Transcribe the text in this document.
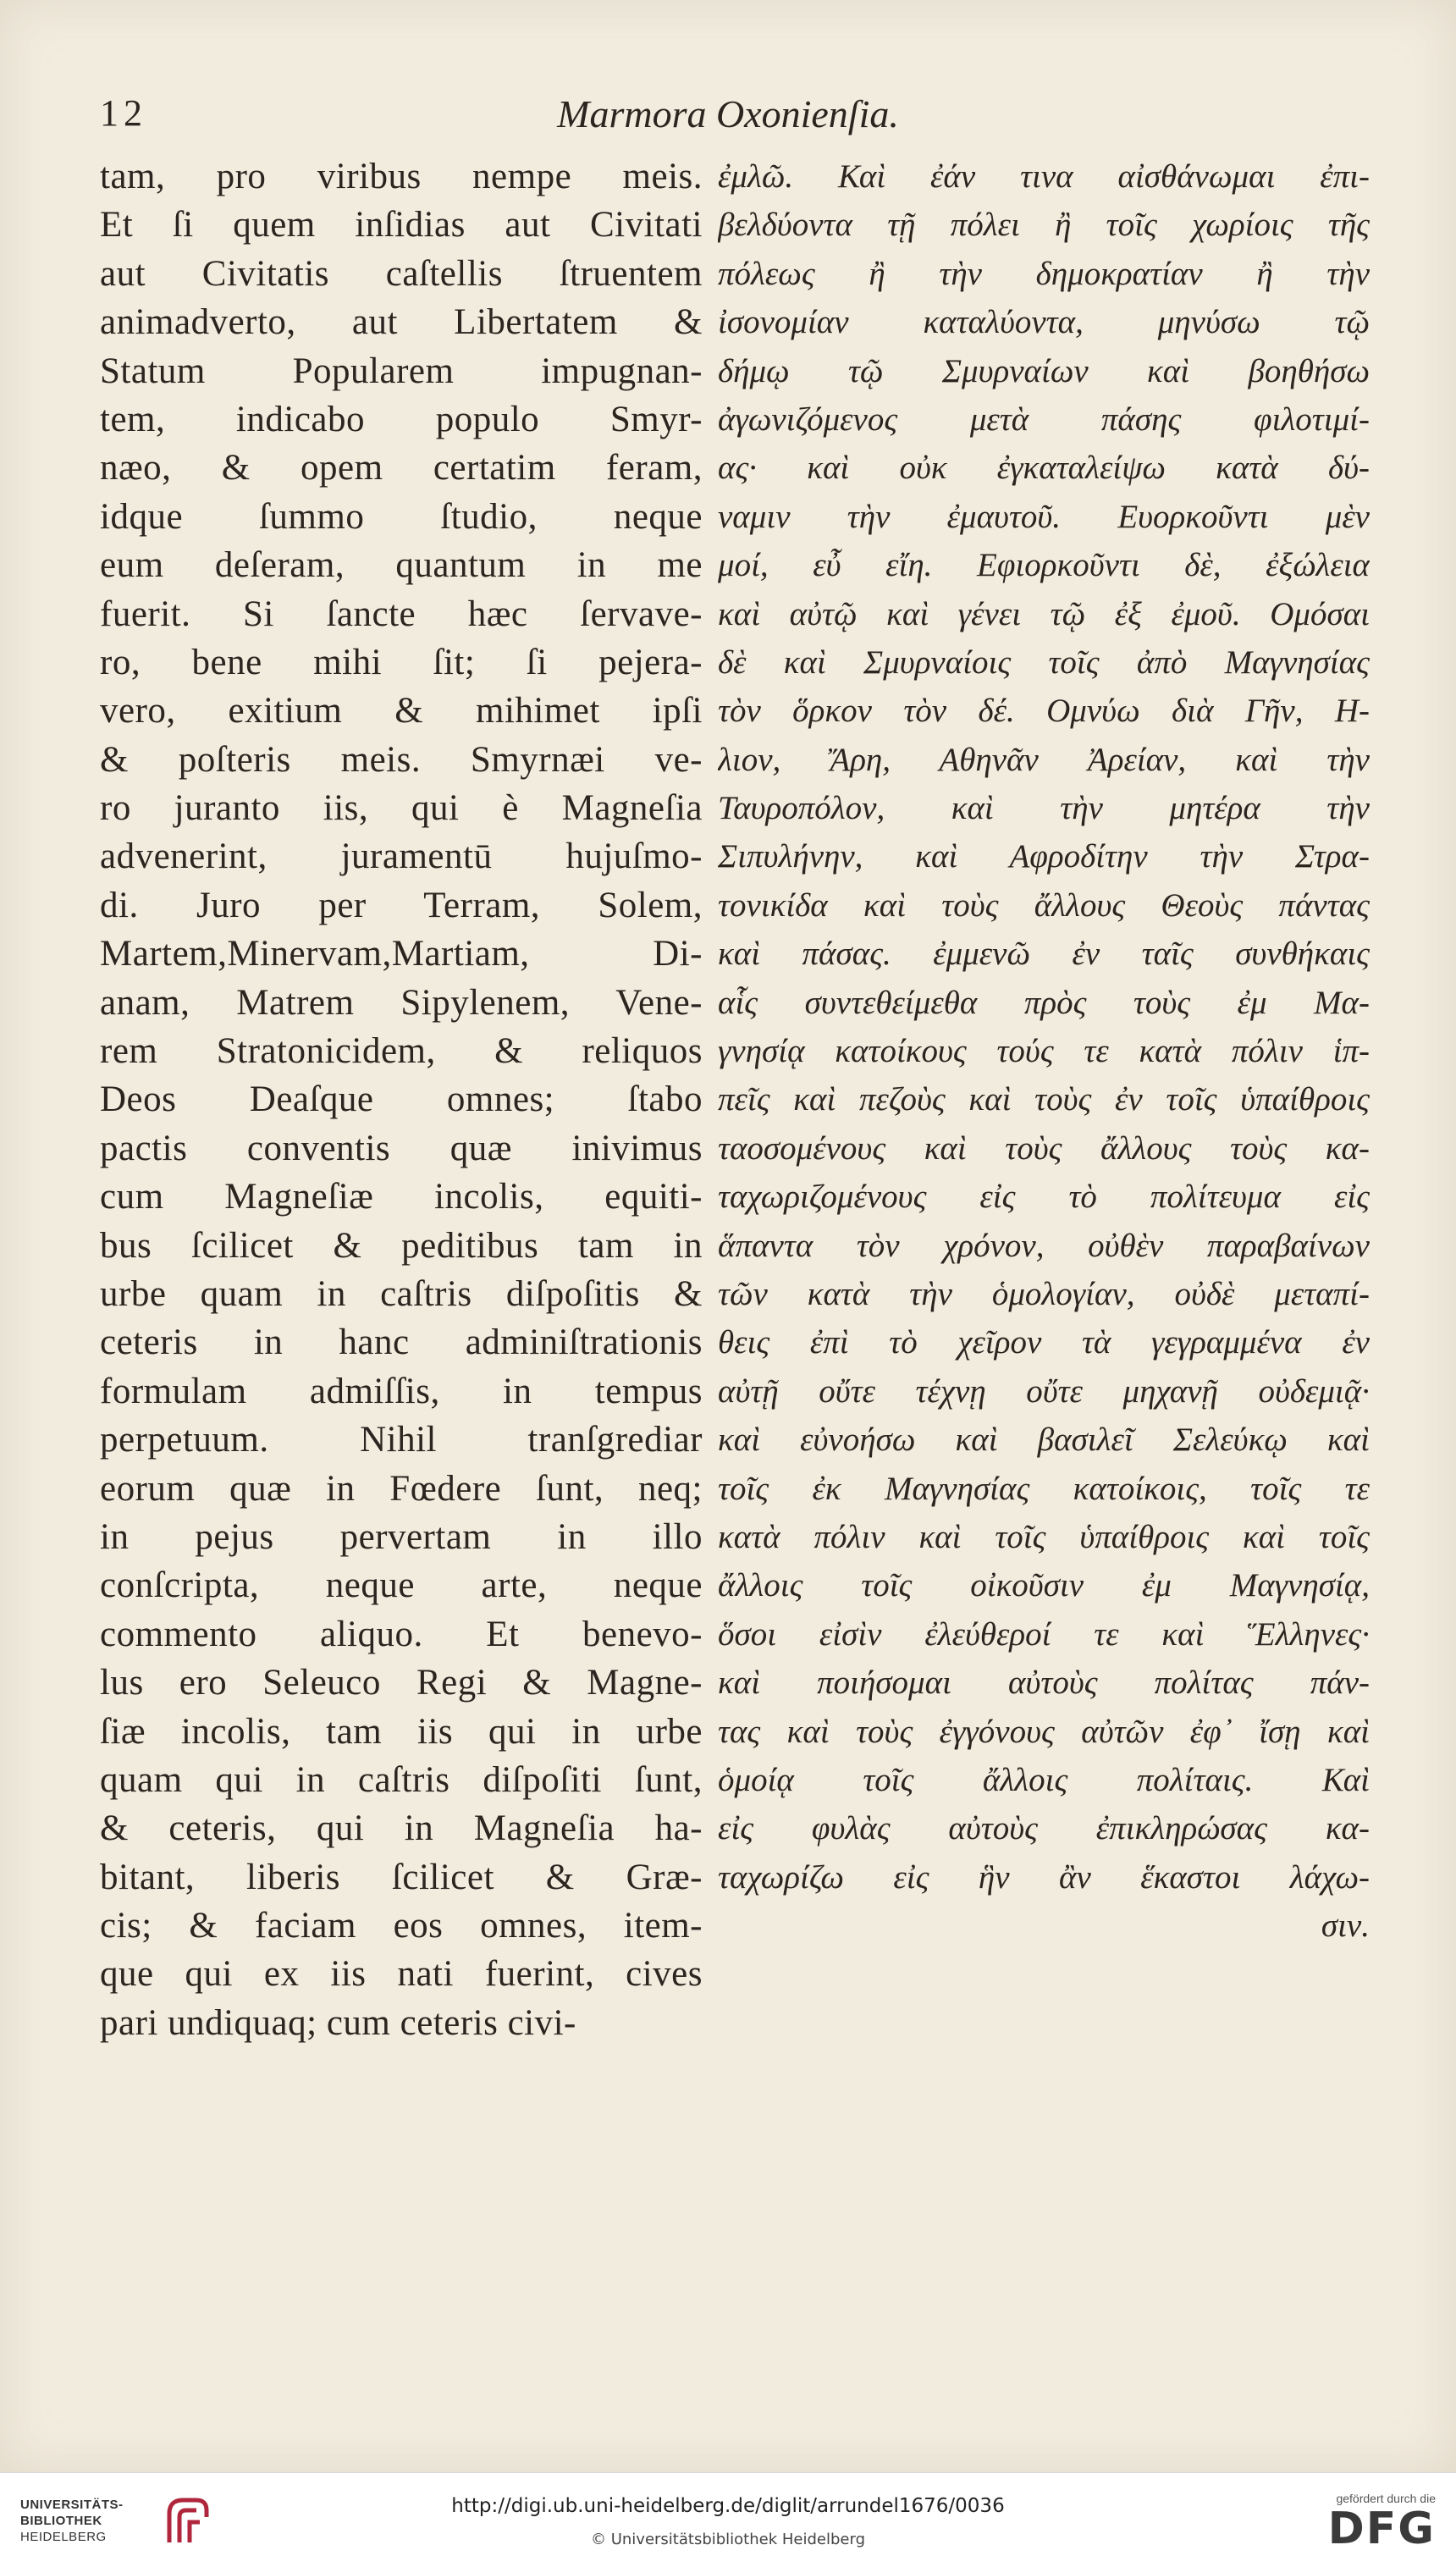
12	Marmora Oxonienſia.
tam, pro viribus nempe meis.
Et ſi quem inſidias aut Civitati
aut Civitatis caſtellis ſtruentem
animadverto, aut Libertatem &
Statum Popularem impugnan-
tem, indicabo populo Smyr-
næo, & opem certatim feram,
idque ſummo ſtudio, neque
eum deſeram, quantum in me
fuerit. Si ſancte hæc ſervave-
ro, bene mihi ſit; ſi pejera-
vero, exitium & mihimet ipſi
& poſteris meis. Smyrnæi ve-
ro juranto iis, qui è Magneſia
advenerint, juramentū hujuſmo-
di. Juro per Terram, Solem,
Martem,Minervam,Martiam, Di-
anam, Matrem Sipylenem, Vene-
rem Stratonicidem, & reliquos
Deos Deaſque omnes; ſtabo
pactis conventis quæ inivimus
cum Magneſiæ incolis, equiti-
bus ſcilicet & peditibus tam in
urbe quam in caſtris diſpoſitis &
ceteris in hanc adminiſtrationis
formulam admiſſis, in tempus
perpetuum. Nihil tranſgrediar
eorum quæ in Fœdere ſunt, neq;
in pejus pervertam in illo
conſcripta, neque arte, neque
commento aliquo. Et benevo-
lus ero Seleuco Regi & Magne-
ſiæ incolis, tam iis qui in urbe
quam qui in caſtris diſpoſiti ſunt,
& ceteris, qui in Magneſia ha-
bitant, liberis ſcilicet & Græ-
cis; & faciam eos omnes, item-
que qui ex iis nati fuerint, cives
pari undiquaq; cum ceteris civi-
ἐμλῶ. Καὶ ἐάν τινα αἰσθάνωμαι ἐπι-
βελδύοντα τῇ πόλει ἢ τοῖς χωρίοις τῆς
πόλεως ἢ τὴν δημοκρατίαν ἢ τὴν
ἰσονομίαν καταλύοντα, μηνύσω τῷ
δήμῳ τῷ Σμυρναίων καὶ βοηθήσω
ἀγωνιζόμενος μετὰ πάσης φιλοτιμί-
ας· καὶ οὐκ ἐγκαταλείψω κατὰ δύ-
ναμιν τὴν ἐμαυτοῦ. Ευορκοῦντι μὲν
μοί, εὖ εἴη. Εφιορκοῦντι δὲ, ἐξώλεια
καὶ αὐτῷ καὶ γένει τῷ ἐξ ἐμοῦ. Ομόσαι
δὲ καὶ Σμυρναίοις τοῖς ἀπὸ Μαγνησίας
τὸν ὅρκον τὸν δέ. Ομνύω διὰ Γῆν, Η-
λιον, Ἄρη, Αθηνᾶν Ἀρείαν, καὶ τὴν
Ταυροπόλον, καὶ τὴν μητέρα τὴν
Σιπυλήνην, καὶ Αφροδίτην τὴν Στρα-
τονικίδα καὶ τοὺς ἄλλους Θεοὺς πάντας
καὶ πάσας. ἐμμενῶ ἐν ταῖς συνθήκαις
αἷς συντεθείμεθα πρὸς τοὺς ἐμ Μα-
γνησίᾳ κατοίκους τούς τε κατὰ πόλιν ἱπ-
πεῖς καὶ πεζοὺς καὶ τοὺς ἐν τοῖς ὑπαίθροις
ταοσομένους καὶ τοὺς ἄλλους τοὺς κα-
ταχωριζομένους εἰς τὸ πολίτευμα εἰς
ἅπαντα τὸν χρόνον, οὐθὲν παραβαίνων
τῶν κατὰ τὴν ὁμολογίαν, οὐδὲ μεταπί-
θεις ἐπὶ τὸ χεῖρον τὰ γεγραμμένα ἐν
αὐτῇ οὔτε τέχνῃ οὔτε μηχανῇ οὐδεμιᾷ·
καὶ εὐνοήσω καὶ βασιλεῖ Σελεύκῳ καὶ
τοῖς ἐκ Μαγνησίας κατοίκοις, τοῖς τε
κατὰ πόλιν καὶ τοῖς ὑπαίθροις καὶ τοῖς
ἄλλοις τοῖς οἰκοῦσιν ἐμ Μαγνησίᾳ,
ὅσοι εἰσὶν ἐλεύθεροί τε καὶ Ἕλληνες·
καὶ ποιήσομαι αὐτοὺς πολίτας πάν-
τας καὶ τοὺς ἐγγόνους αὐτῶν ἐφ᾽ ἴσῃ καὶ
ὁμοίᾳ τοῖς ἄλλοις πολίταις. Καὶ
εἰς φυλὰς αὐτοὺς ἐπικληρώσας κα-
ταχωρίζω εἰς ἣν ἂν ἕκαστοι λάχω-
σιν.
UNIVERSITÄTS-
BIBLIOTHEK
HEIDELBERG
http://digi.ub.uni-heidelberg.de/diglit/arrundel1676/0036
© Universitätsbibliothek Heidelberg
gefördert durch die
DFG
